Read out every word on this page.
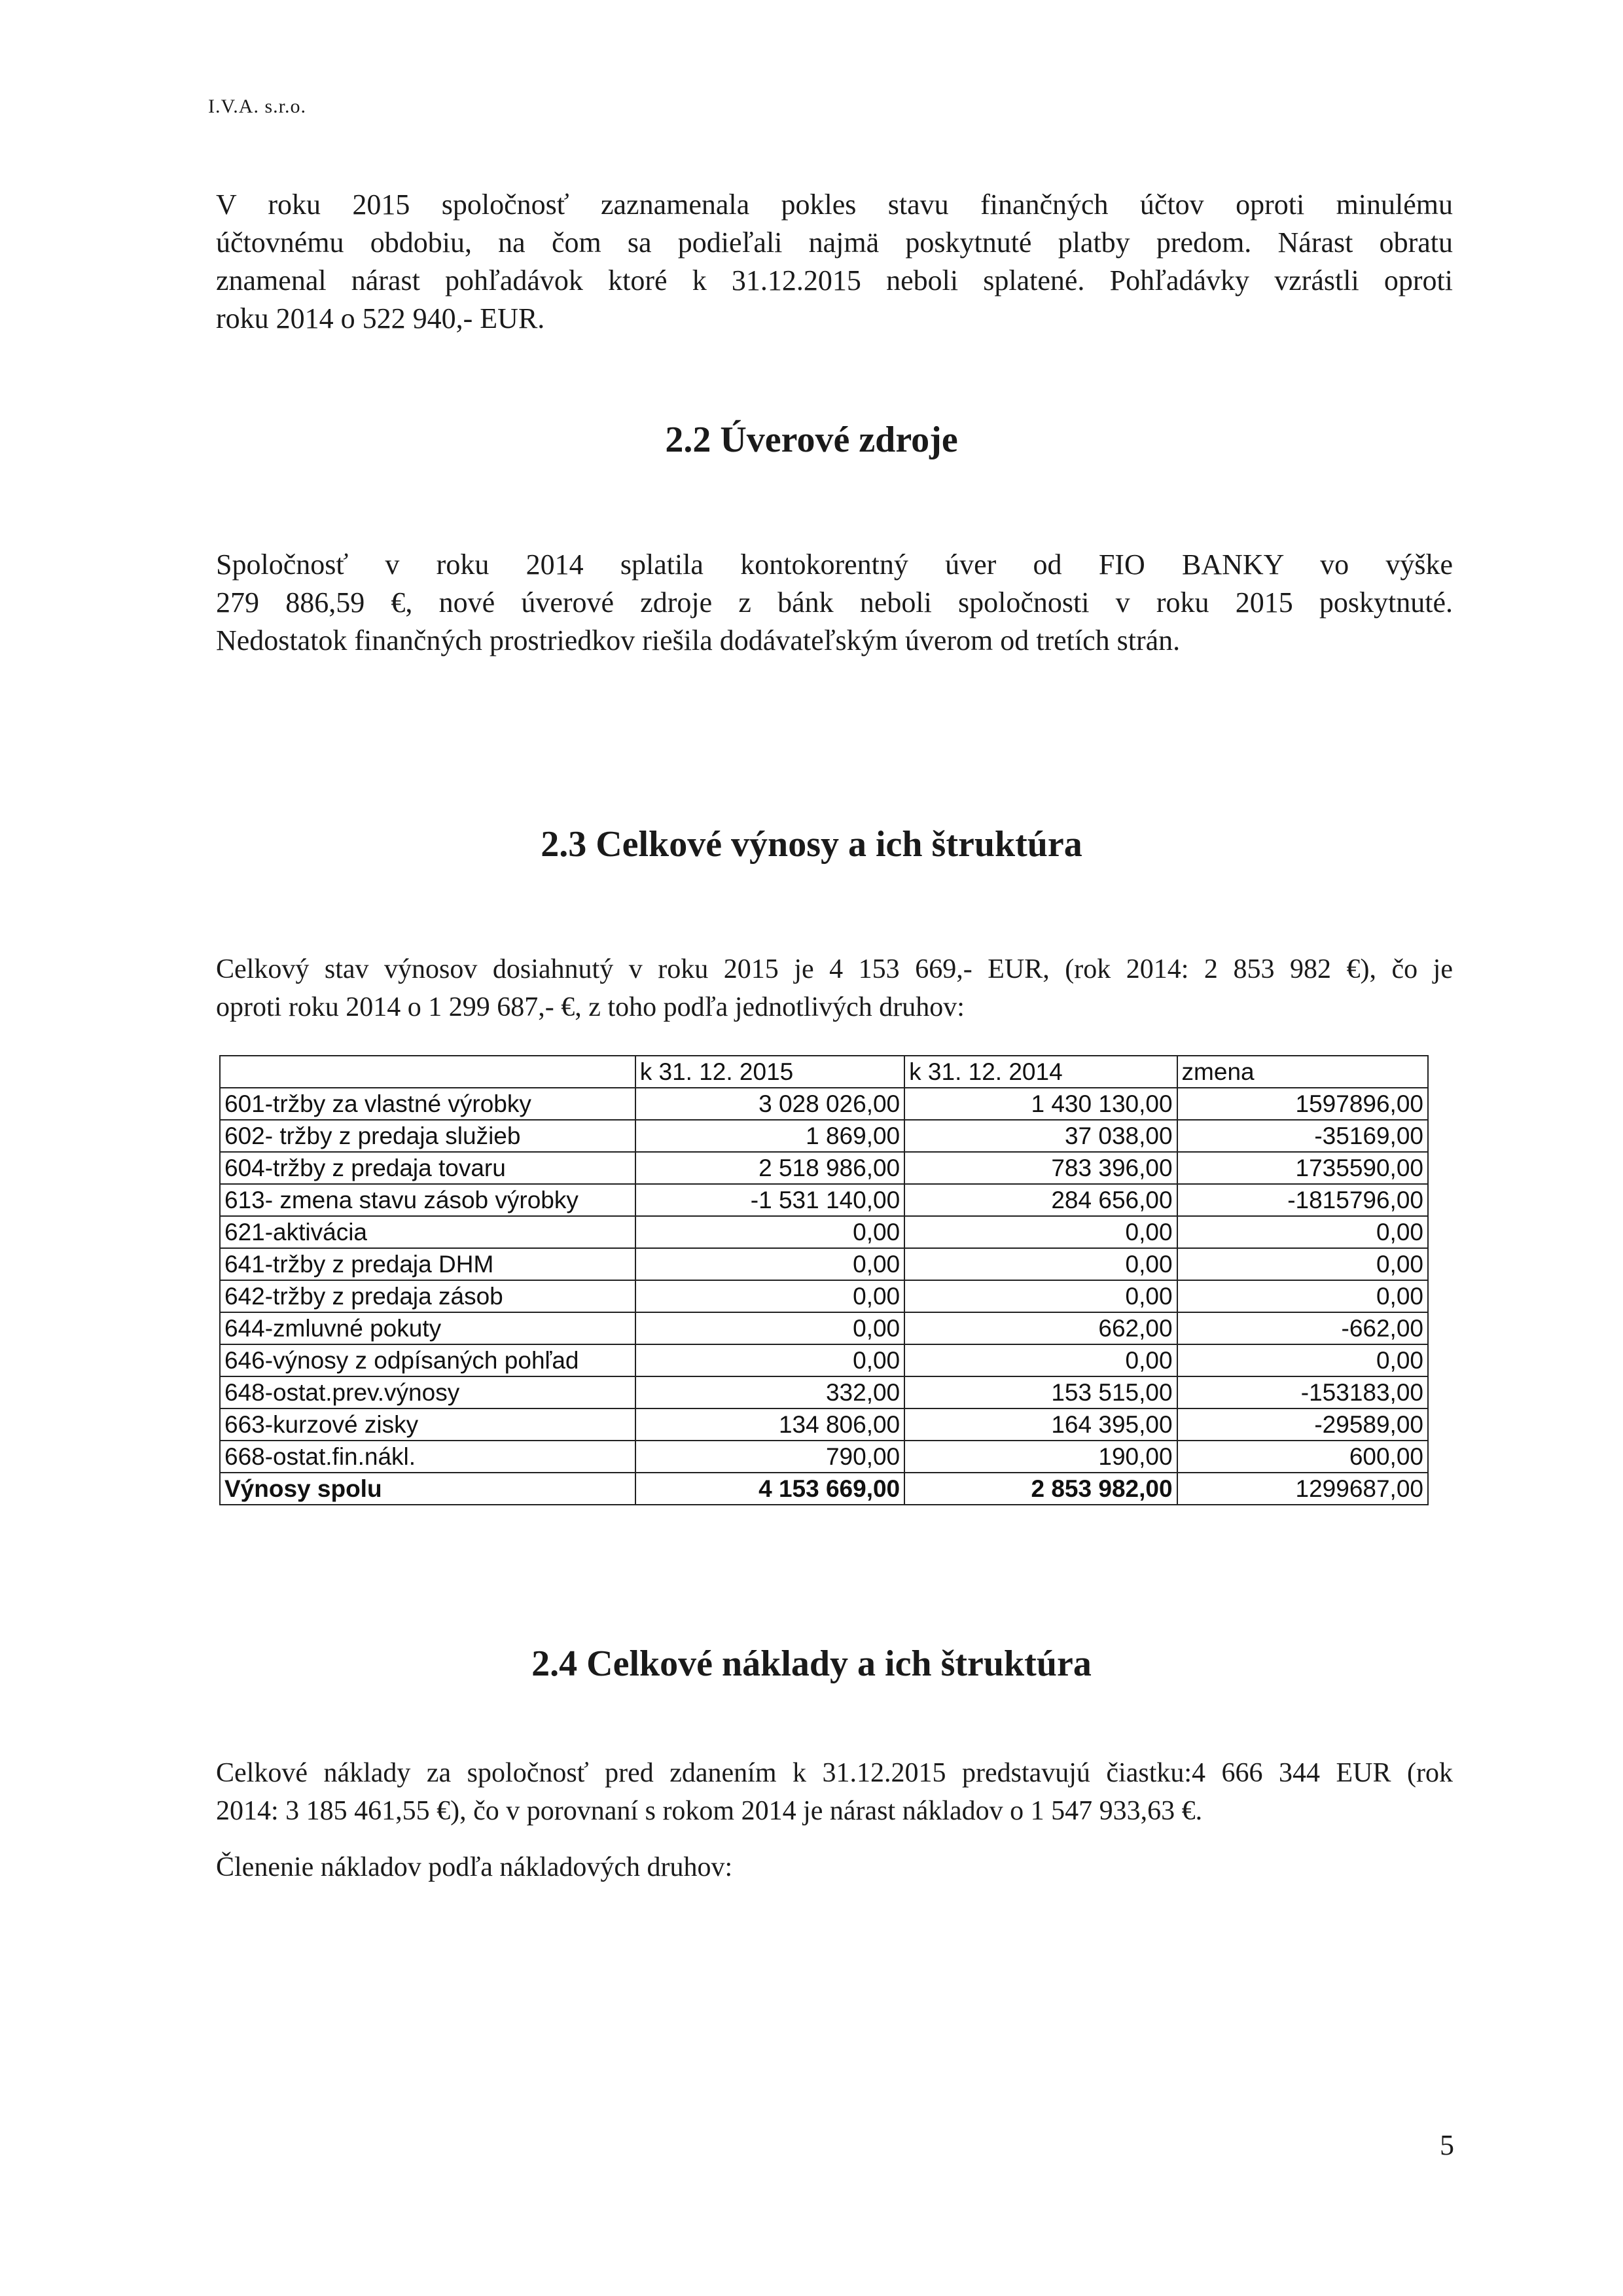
I.V.A. s.r.o.

V roku 2015 spoločnosť zaznamenala pokles stavu finančných účtov oproti minulému
účtovnému obdobiu, na čom sa podieľali najmä poskytnuté platby predom. Nárast obratu
znamenal nárast pohľadávok ktoré k 31.12.2015 neboli splatené. Pohľadávky vzrástli oproti
roku 2014 o 522 940,- EUR.

2.2 Úverové zdroje

Spoločnosť v roku 2014 splatila kontokorentný úver od FIO BANKY vo výške
279 886,59 €, nové úverové zdroje z bánk neboli spoločnosti v roku 2015 poskytnuté.
Nedostatok finančných prostriedkov riešila dodávateľským úverom od tretích strán.

2.3 Celkové výnosy a ich štruktúra

Celkový stav výnosov dosiahnutý v roku 2015 je 4 153 669,- EUR, (rok 2014: 2 853 982 €), čo je
oproti roku 2014 o 1 299 687,- €, z toho podľa jednotlivých druhov:

	k 31. 12. 2015	k 31. 12. 2014	zmena
601-tržby za vlastné výrobky	3 028 026,00	1 430 130,00	1597896,00
602- tržby z predaja služieb	1 869,00	37 038,00	-35169,00
604-tržby z predaja tovaru	2 518 986,00	783 396,00	1735590,00
613- zmena stavu zásob výrobky	-1 531 140,00	284 656,00	-1815796,00
621-aktivácia	0,00	0,00	0,00
641-tržby z predaja DHM	0,00	0,00	0,00
642-tržby z predaja zásob	0,00	0,00	0,00
644-zmluvné pokuty	0,00	662,00	-662,00
646-výnosy z odpísaných pohľad	0,00	0,00	0,00
648-ostat.prev.výnosy	332,00	153 515,00	-153183,00
663-kurzové zisky	134 806,00	164 395,00	-29589,00
668-ostat.fin.nákl.	790,00	190,00	600,00
Výnosy spolu	4 153 669,00	2 853 982,00	1299687,00
2.4 Celkové náklady a ich štruktúra

Celkové náklady za spoločnosť pred zdanením k 31.12.2015 predstavujú čiastku:4 666 344 EUR (rok
2014: 3 185 461,55 €), čo v porovnaní s rokom 2014 je nárast nákladov o 1 547 933,63 €.

Členenie nákladov podľa nákladových druhov:

5
